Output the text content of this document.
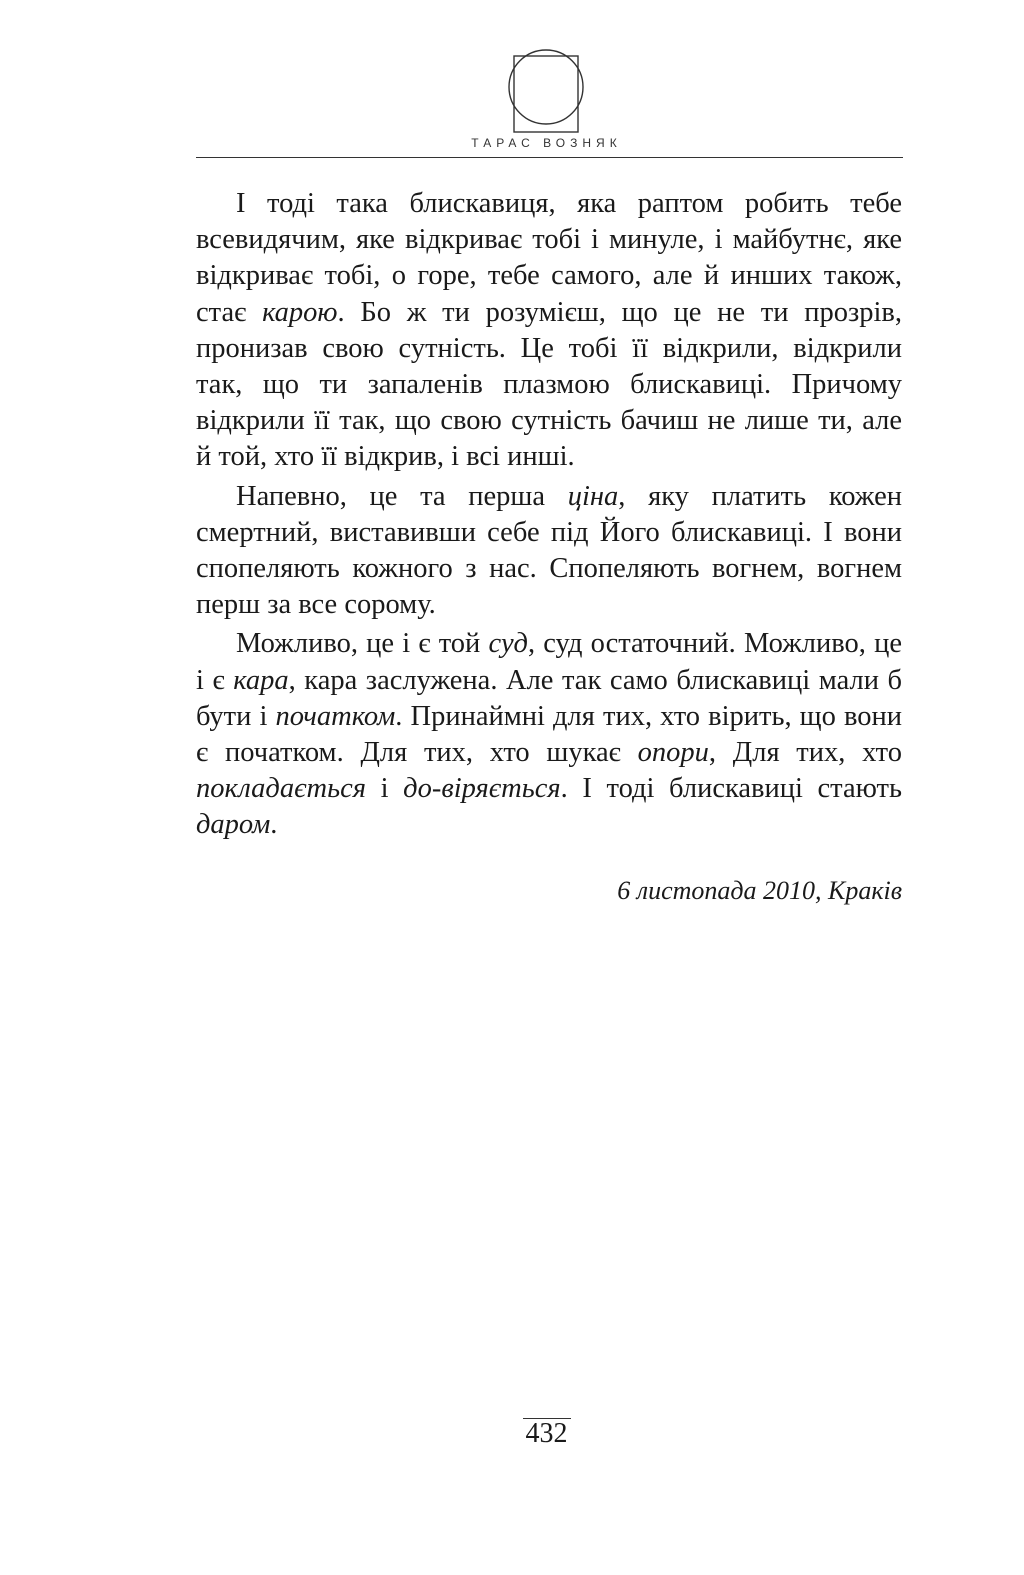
ТАРАС ВОЗНЯК

І тоді така блискавиця, яка раптом робить тебе всевидячим, яке відкриває тобі і минуле, і майбутнє, яке відкриває тобі, о горе, тебе самого, але й инших також, стає карою. Бо ж ти розумієш, що це не ти прозрів, пронизав свою сутність. Це тобі її відкрили, відкрили так, що ти запаленів плазмою блискавиці. Причому відкрили її так, що свою сутність бачиш не лише ти, але й той, хто її відкрив, і всі инші.

Напевно, це та перша ціна, яку платить кожен смертний, виставивши себе під Його блискавиці. І вони спопеляють кожного з нас. Спопеляють вогнем, вогнем перш за все сорому.

Можливо, це і є той суд, суд остаточний. Можливо, це і є кара, кара заслужена. Але так само блискавиці мали б бути і початком. Принаймні для тих, хто вірить, що вони є початком. Для тих, хто шукає опори, Для тих, хто покладається і до-віряється. І тоді блискавиці стають даром.

6 листопада 2010, Краків
432
